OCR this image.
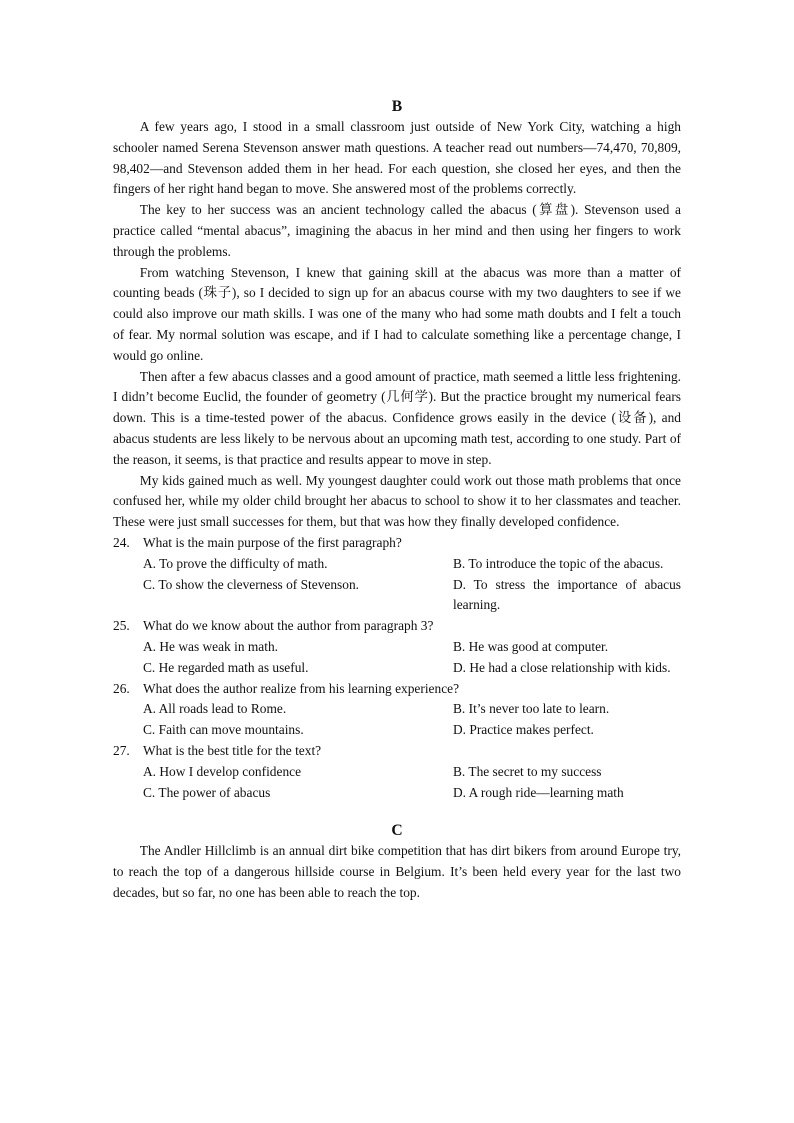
B

A few years ago, I stood in a small classroom just outside of New York City, watching a high schooler named Serena Stevenson answer math questions. A teacher read out numbers—74,470, 70,809, 98,402—and Stevenson added them in her head. For each question, she closed her eyes, and then the fingers of her right hand began to move. She answered most of the problems correctly.

The key to her success was an ancient technology called the abacus (算盘). Stevenson used a practice called “mental abacus”, imagining the abacus in her mind and then using her fingers to work through the problems.

From watching Stevenson, I knew that gaining skill at the abacus was more than a matter of counting beads (珠子), so I decided to sign up for an abacus course with my two daughters to see if we could also improve our math skills. I was one of the many who had some math doubts and I felt a touch of fear. My normal solution was escape, and if I had to calculate something like a percentage change, I would go online.

Then after a few abacus classes and a good amount of practice, math seemed a little less frightening. I didn’t become Euclid, the founder of geometry (几何学). But the practice brought my numerical fears down. This is a time-tested power of the abacus. Confidence grows easily in the device (设备), and abacus students are less likely to be nervous about an upcoming math test, according to one study. Part of the reason, it seems, is that practice and results appear to move in step.

My kids gained much as well. My youngest daughter could work out those math problems that once confused her, while my older child brought her abacus to school to show it to her classmates and teacher. These were just small successes for them, but that was how they finally developed confidence.

24. What is the main purpose of the first paragraph?
A. To prove the difficulty of math.	B. To introduce the topic of the abacus.
C. To show the cleverness of Stevenson.	D. To stress the importance of abacus learning.
25. What do we know about the author from paragraph 3?
A. He was weak in math.	B. He was good at computer.
C. He regarded math as useful.	D. He had a close relationship with kids.
26. What does the author realize from his learning experience?
A. All roads lead to Rome.	B. It’s never too late to learn.
C. Faith can move mountains.	D. Practice makes perfect.
27. What is the best title for the text?
A. How I develop confidence	B. The secret to my success
C. The power of abacus	D. A rough ride—learning math
C

The Andler Hillclimb is an annual dirt bike competition that has dirt bikers from around Europe try, to reach the top of a dangerous hillside course in Belgium. It’s been held every year for the last two decades, but so far, no one has been able to reach the top.
